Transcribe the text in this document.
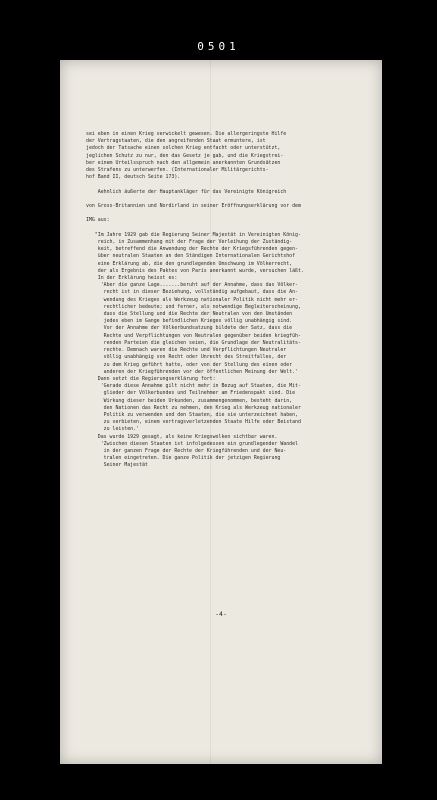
0501
sei eben in einen Krieg verwickelt gewesen. Die allergeringste Hilfe
der Vertragstaaten, die den angreifenden Staat ermuntere, ist
jedoch der Tatsache einen solchen Krieg entfacht oder unterstützt,
jeglichen Schutz zu nur, den das Gesetz je gab, und die Kriegstrei-
ber einem Urteilsspruch nach den allgemein anerkannten Grundsätzen
des Strafens zu unterwerfen. (Internationaler Militärgerichts-
hof Band II, deutsch Seite 173).

Aehnlich äußerte der Hauptankläger für das Vereinigte Königreich

von Gross-Britannien und Nordirland in seiner Eröffnungserklärung vor dem

IMG aus:

"Im Jahre 1929 gab die Regierung Seiner Majestät in Vereinigten König-
reich, in Zusammenhang mit der Frage der Verleihung der Zuständig-
keit, betreffend die Anwendung der Rechte der Kriegsführenden gegen-
über neutralen Staaten an den Ständigen Internationalen Gerichtshof
eine Erklärung ab, die den grundlegenden Umschwung im Völkerrecht,
der als Ergebnis des Paktes von Paris anerkannt wurde, versuchen läßt.
In der Erklärung heisst es:
'Aber die ganze Lage.......beruht auf der Annahme, dass das Völker-
recht ist in dieser Beziehung, vollständig aufgebaut, dass die An-
wendung des Krieges als Werkzeug nationaler Politik nicht mehr er-
rechtlicher bedeute; und ferner, als notwendige Begleiterscheinung,
dass die Stellung und die Rechte der Neutralen von den Umständen
jedes eben im Gange befindlichen Krieges völlig unabhängig sind.
Vor der Annahme der Völkerbundsatzung bildete der Satz, dass die
Rechte und Verpflichtungen von Neutralen gegenüber beiden kriegfüh-
renden Parteien die gleichen seien, die Grundlage der Neutralitäts-
rechte. Demnach waren die Rechte und Verpflichtungen Neutraler
völlig unabhängig von Recht oder Unrecht des Streitfalles, der
zu dem Krieg geführt hatte, oder von der Stellung des einen oder
anderen der Kriegführenden vor der öffentlichen Meinung der Welt.'
Dann setzt die Regierungserklärung fort:
'Gerade diese Annahme gilt nicht mehr in Bezug auf Staaten, die Mit-
glieder der Völkerbundes und Teilnehmer am Friedenspakt sind. Die
Wirkung dieser beiden Urkunden, zusammengenommen, besteht darin,
den Nationen das Recht zu nehmen, den Krieg als Werkzeug nationaler
Politik zu verwenden und den Staaten, die sie unterzeichnet haben,
zu verbieten, einem vertragsverletzenden Staate Hilfe oder Beistand
zu leisten.'
Das wurde 1929 gesagt, als keine Kriegswolken sichtbar waren.
'Zwischen diesen Staaten ist infolgedessen ein grundlegender Wandel
in der ganzen Frage der Rechte der Kriegführenden und der Neu-
tralen eingetreten. Die ganze Politik der jetzigen Regierung
Seiner Majestät
-4-
